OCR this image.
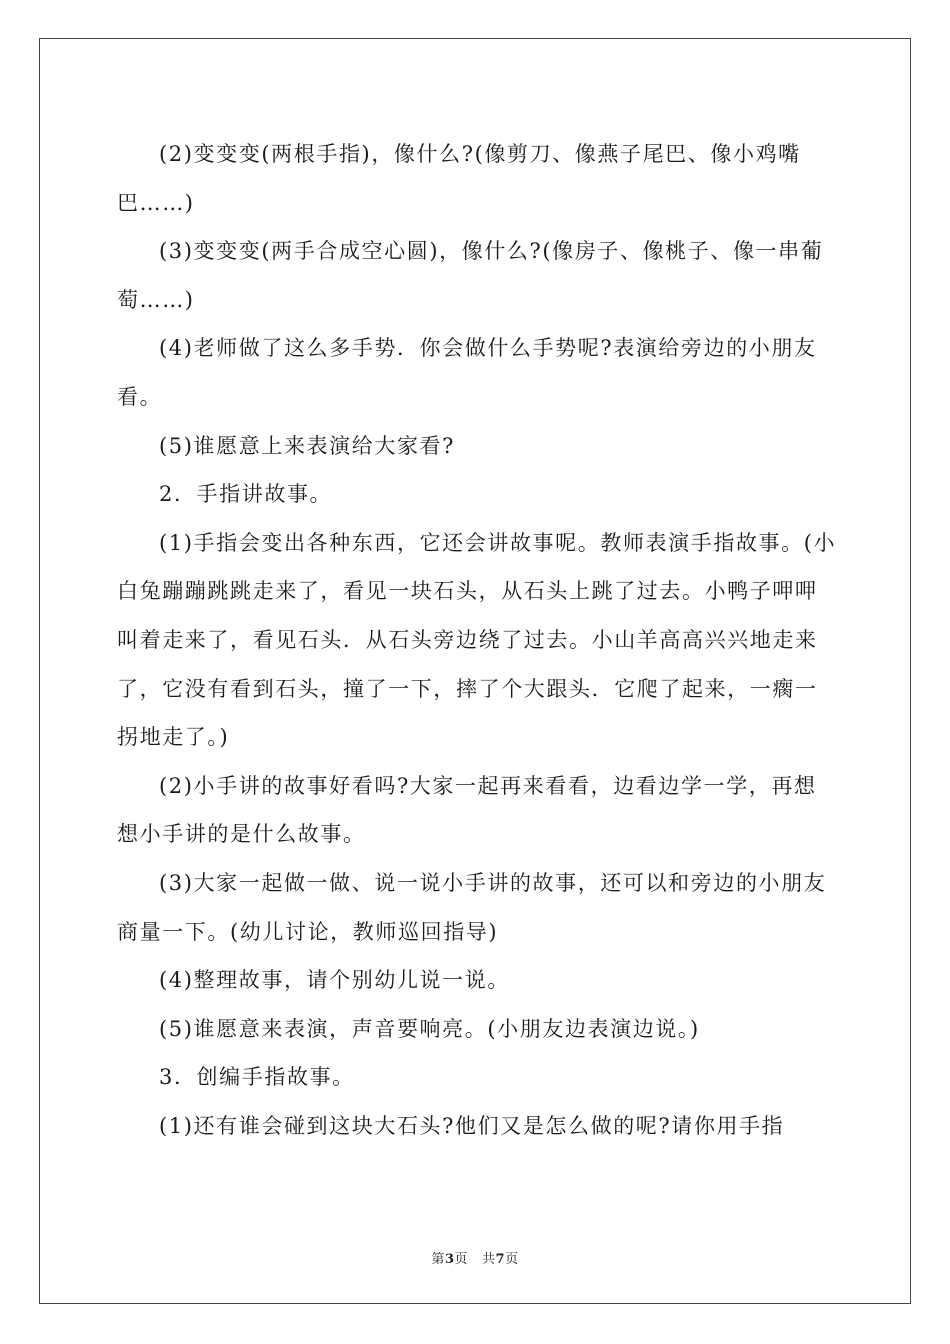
(2)变变变(两根手指)，像什么?(像剪刀、像燕子尾巴、像小鸡嘴巴……)

(3)变变变(两手合成空心圆)，像什么?(像房子、像桃子、像一串葡萄……)

(4)老师做了这么多手势．你会做什么手势呢?表演给旁边的小朋友看。

(5)谁愿意上来表演给大家看?

2．手指讲故事。

(1)手指会变出各种东西，它还会讲故事呢。教师表演手指故事。(小白兔蹦蹦跳跳走来了，看见一块石头，从石头上跳了过去。小鸭子呷呷叫着走来了，看见石头．从石头旁边绕了过去。小山羊高高兴兴地走来了，它没有看到石头，撞了一下，摔了个大跟头．它爬了起来，一瘸一拐地走了。)

(2)小手讲的故事好看吗?大家一起再来看看，边看边学一学，再想想小手讲的是什么故事。

(3)大家一起做一做、说一说小手讲的故事，还可以和旁边的小朋友商量一下。(幼儿讨论，教师巡回指导)

(4)整理故事，请个别幼儿说一说。

(5)谁愿意来表演，声音要响亮。(小朋友边表演边说。)

3．创编手指故事。

(1)还有谁会碰到这块大石头?他们又是怎么做的呢?请你用手指

第3页 共7页
